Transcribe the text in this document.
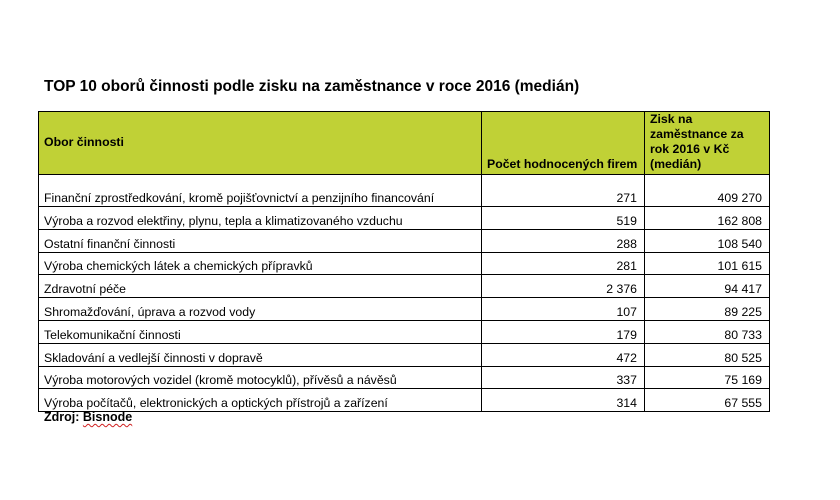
TOP 10 oborů činnosti podle zisku na zaměstnance v roce 2016 (medián)
Obor činnosti	Počet hodnocených firem	Zisk na zaměstnance za rok 2016 v Kč (medián)
Finanční zprostředkování, kromě pojišťovnictví a penzijního financování	271	409 270
Výroba a rozvod elektřiny, plynu, tepla a klimatizovaného vzduchu	519	162 808
Ostatní finanční činnosti	288	108 540
Výroba chemických látek a chemických přípravků	281	101 615
Zdravotní péče	2 376	94 417
Shromažďování, úprava a rozvod vody	107	89 225
Telekomunikační činnosti	179	80 733
Skladování a vedlejší činnosti v dopravě	472	80 525
Výroba motorových vozidel (kromě motocyklů), přívěsů a návěsů	337	75 169
Výroba počítačů, elektronických a optických přístrojů a zařízení	314	67 555
Zdroj: Bisnode
